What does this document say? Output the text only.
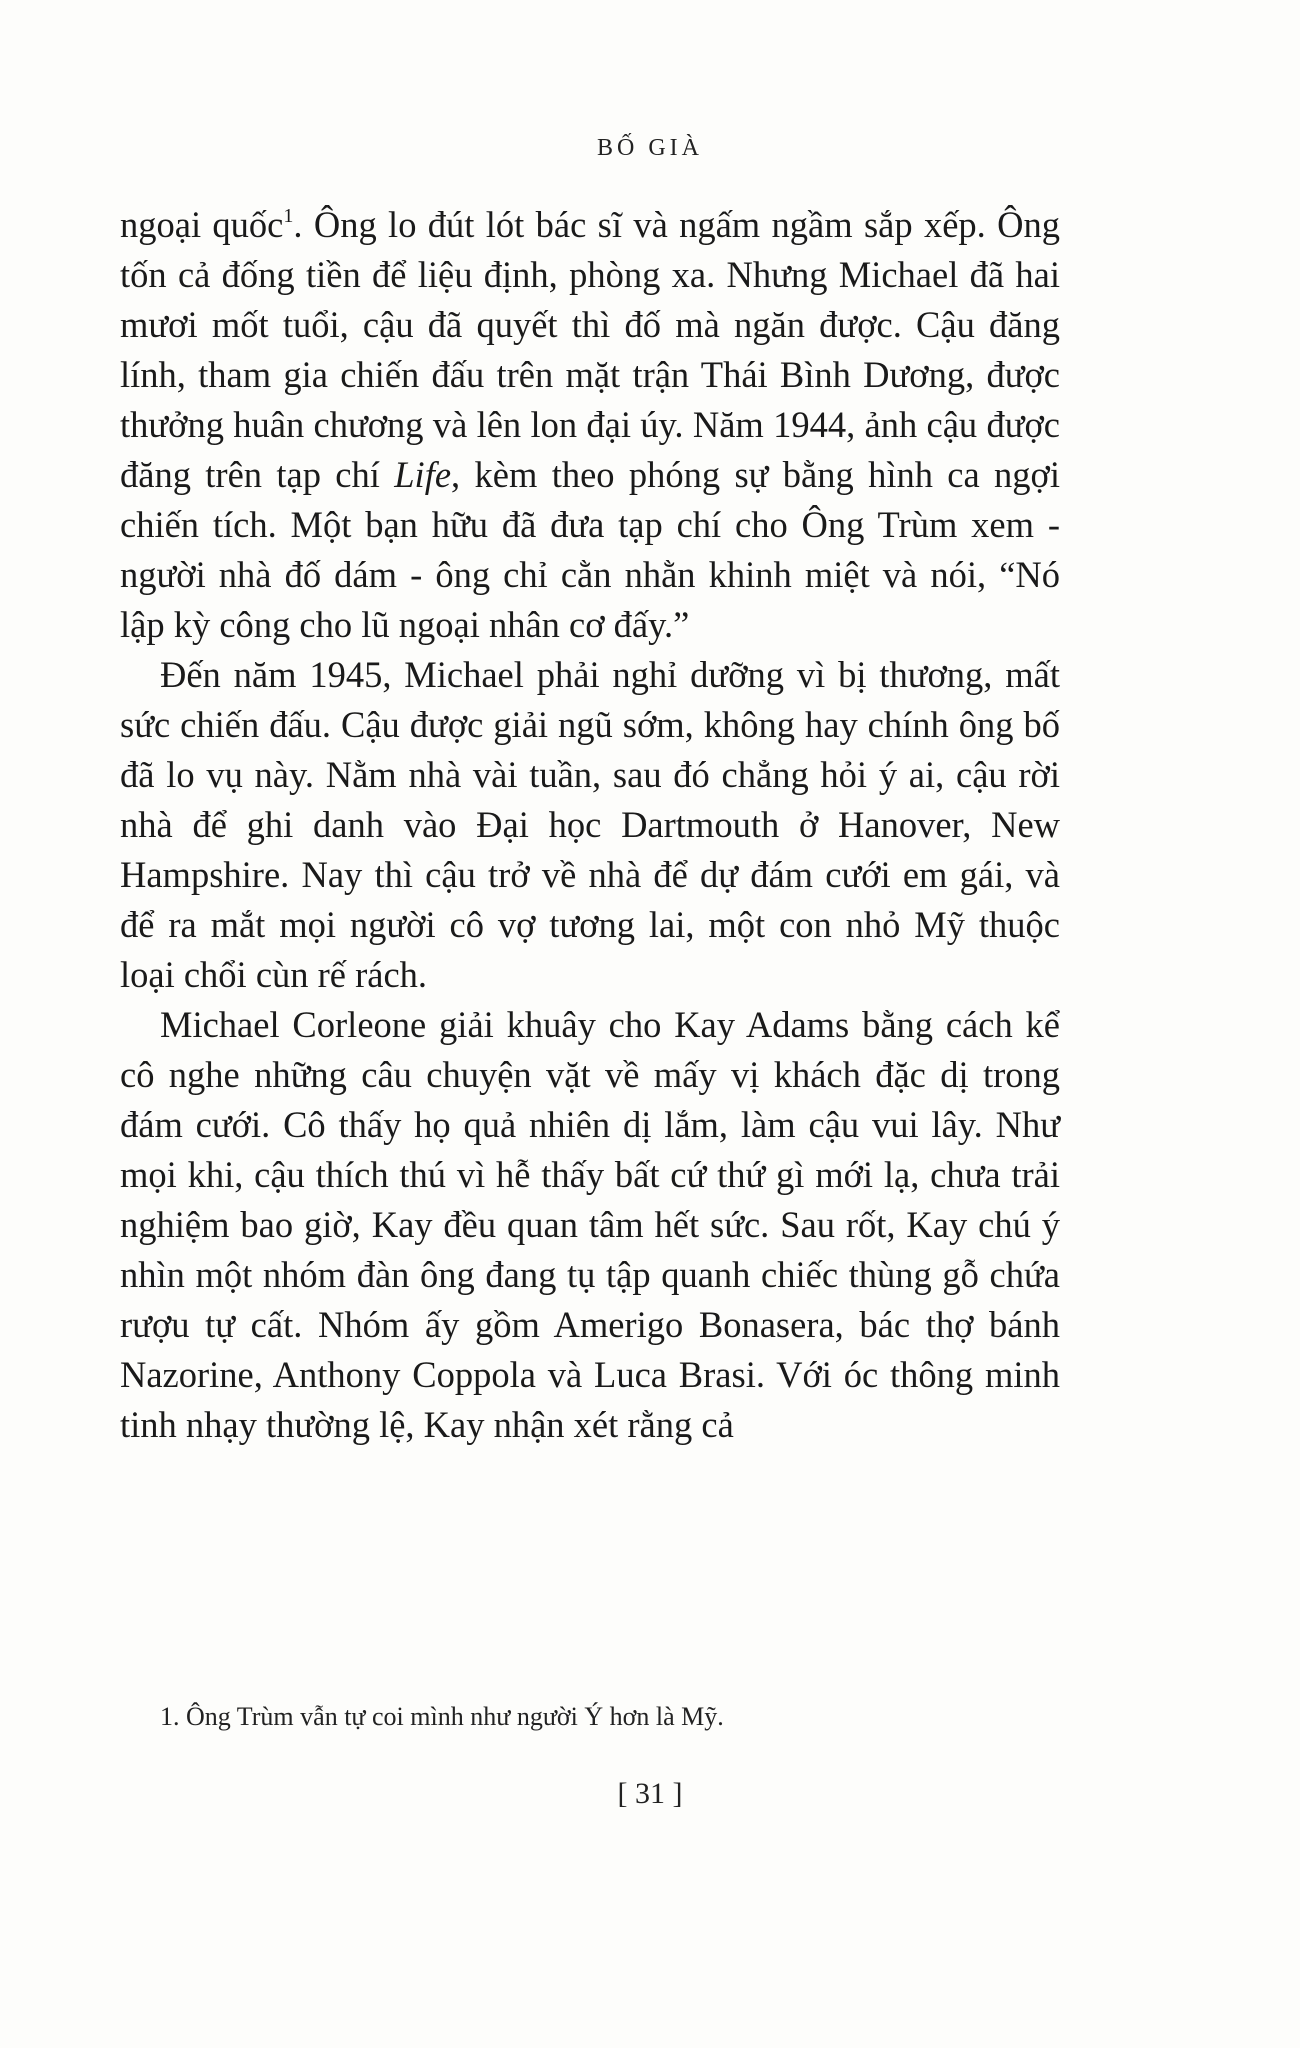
BỐ GIÀ

ngoại quốc$^1$. Ông lo đút lót bác sĩ và ngấm ngầm sắp xếp. Ông tốn cả đống tiền để liệu định, phòng xa. Nhưng Michael đã hai mươi mốt tuổi, cậu đã quyết thì đố mà ngăn được. Cậu đăng lính, tham gia chiến đấu trên mặt trận Thái Bình Dương, được thưởng huân chương và lên lon đại úy. Năm 1944, ảnh cậu được đăng trên tạp chí Life, kèm theo phóng sự bằng hình ca ngợi chiến tích. Một bạn hữu đã đưa tạp chí cho Ông Trùm xem - người nhà đố dám - ông chỉ cằn nhằn khinh miệt và nói, “Nó lập kỳ công cho lũ ngoại nhân cơ đấy.”

Đến năm 1945, Michael phải nghỉ dưỡng vì bị thương, mất sức chiến đấu. Cậu được giải ngũ sớm, không hay chính ông bố đã lo vụ này. Nằm nhà vài tuần, sau đó chẳng hỏi ý ai, cậu rời nhà để ghi danh vào Đại học Dartmouth ở Hanover, New Hampshire. Nay thì cậu trở về nhà để dự đám cưới em gái, và để ra mắt mọi người cô vợ tương lai, một con nhỏ Mỹ thuộc loại chổi cùn rế rách.

Michael Corleone giải khuây cho Kay Adams bằng cách kể cô nghe những câu chuyện vặt về mấy vị khách đặc dị trong đám cưới. Cô thấy họ quả nhiên dị lắm, làm cậu vui lây. Như mọi khi, cậu thích thú vì hễ thấy bất cứ thứ gì mới lạ, chưa trải nghiệm bao giờ, Kay đều quan tâm hết sức. Sau rốt, Kay chú ý nhìn một nhóm đàn ông đang tụ tập quanh chiếc thùng gỗ chứa rượu tự cất. Nhóm ấy gồm Amerigo Bonasera, bác thợ bánh Nazorine, Anthony Coppola và Luca Brasi. Với óc thông minh tinh nhạy thường lệ, Kay nhận xét rằng cả

1. Ông Trùm vẫn tự coi mình như người Ý hơn là Mỹ.
[ 31 ]
